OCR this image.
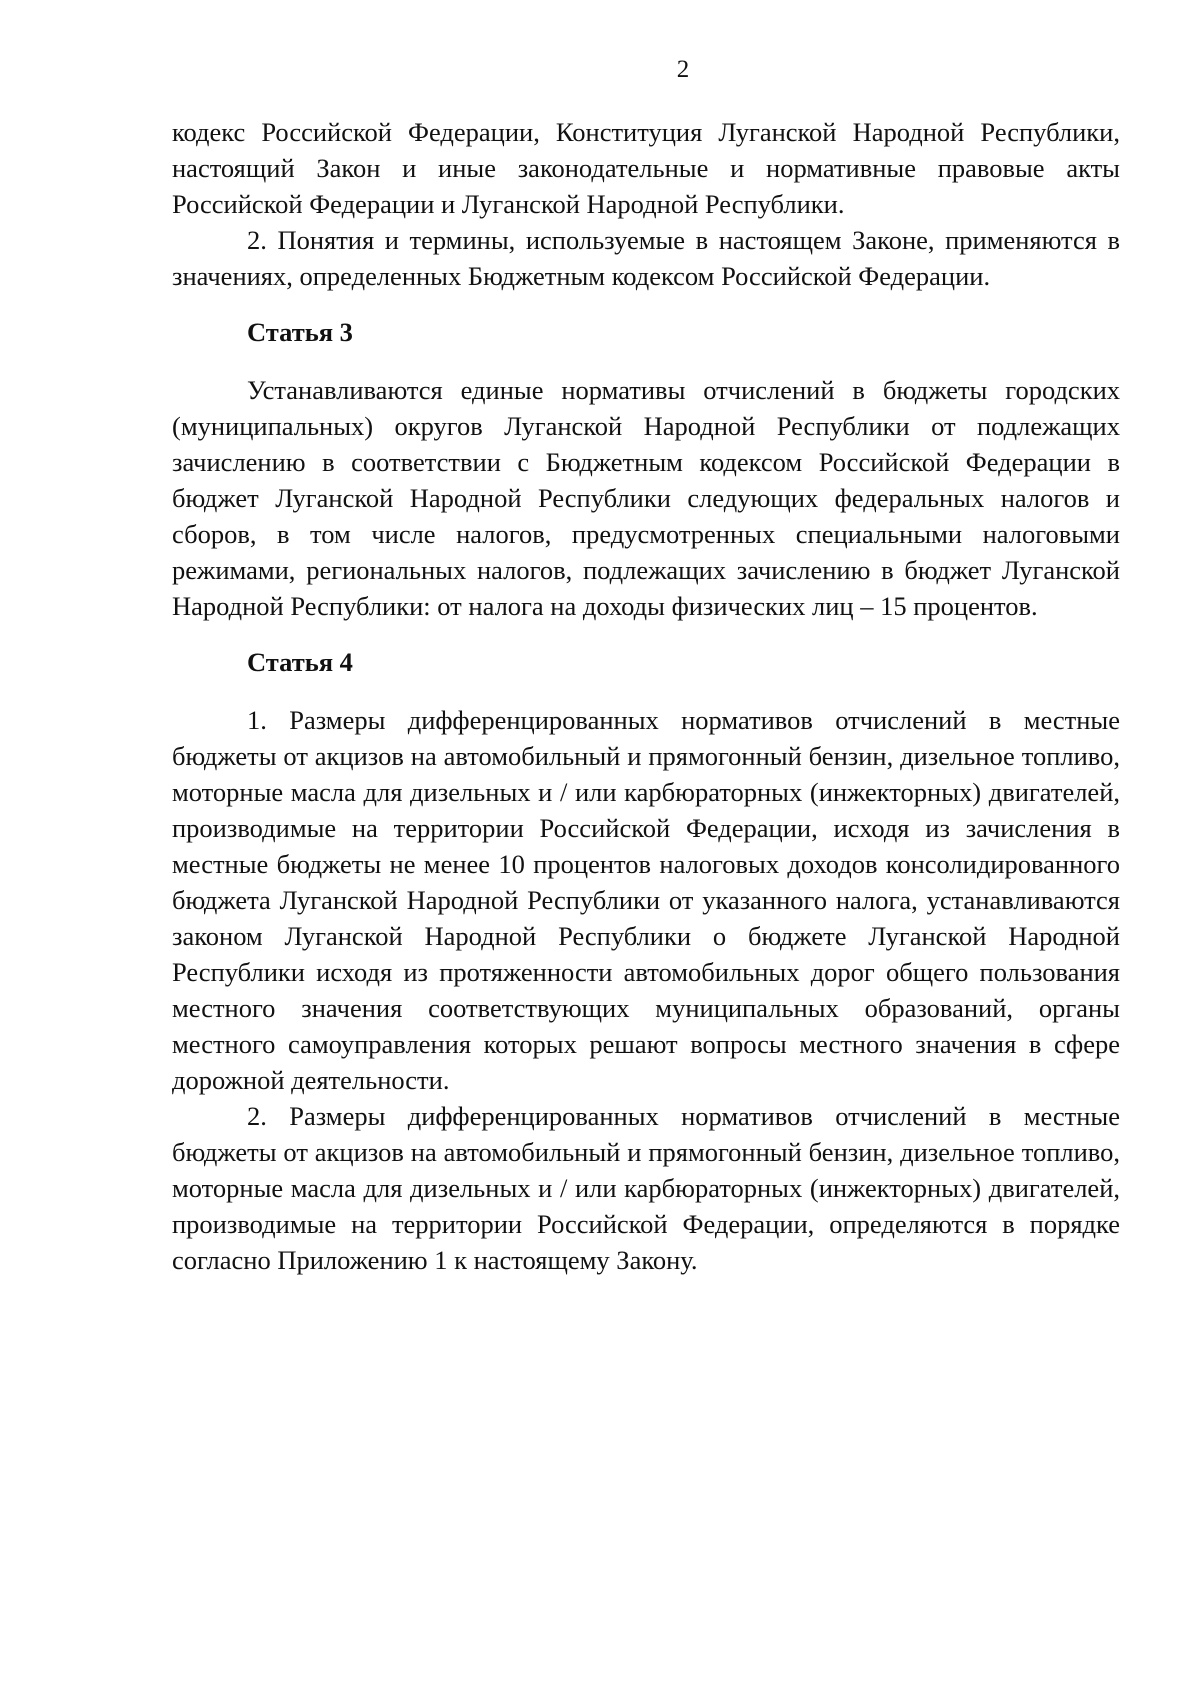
2

кодекс Российской Федерации, Конституция Луганской Народной Республики, настоящий Закон и иные законодательные и нормативные правовые акты Российской Федерации и Луганской Народной Республики.

2. Понятия и термины, используемые в настоящем Законе, применяются в значениях, определенных Бюджетным кодексом Российской Федерации.

Статья 3

Устанавливаются единые нормативы отчислений в бюджеты городских (муниципальных) округов Луганской Народной Республики от подлежащих зачислению в соответствии с Бюджетным кодексом Российской Федерации в бюджет Луганской Народной Республики следующих федеральных налогов и сборов, в том числе налогов, предусмотренных специальными налоговыми режимами, региональных налогов, подлежащих зачислению в бюджет Луганской Народной Республики: от налога на доходы физических лиц – 15 процентов.

Статья 4

1. Размеры дифференцированных нормативов отчислений в местные бюджеты от акцизов на автомобильный и прямогонный бензин, дизельное топливо, моторные масла для дизельных и / или карбюраторных (инжекторных) двигателей, производимые на территории Российской Федерации, исходя из зачисления в местные бюджеты не менее 10 процентов налоговых доходов консолидированного бюджета Луганской Народной Республики от указанного налога, устанавливаются законом Луганской Народной Республики о бюджете Луганской Народной Республики исходя из протяженности автомобильных дорог общего пользования местного значения соответствующих муниципальных образований, органы местного самоуправления которых решают вопросы местного значения в сфере дорожной деятельности.

2. Размеры дифференцированных нормативов отчислений в местные бюджеты от акцизов на автомобильный и прямогонный бензин, дизельное топливо, моторные масла для дизельных и / или карбюраторных (инжекторных) двигателей, производимые на территории Российской Федерации, определяются в порядке согласно Приложению 1 к настоящему Закону.
